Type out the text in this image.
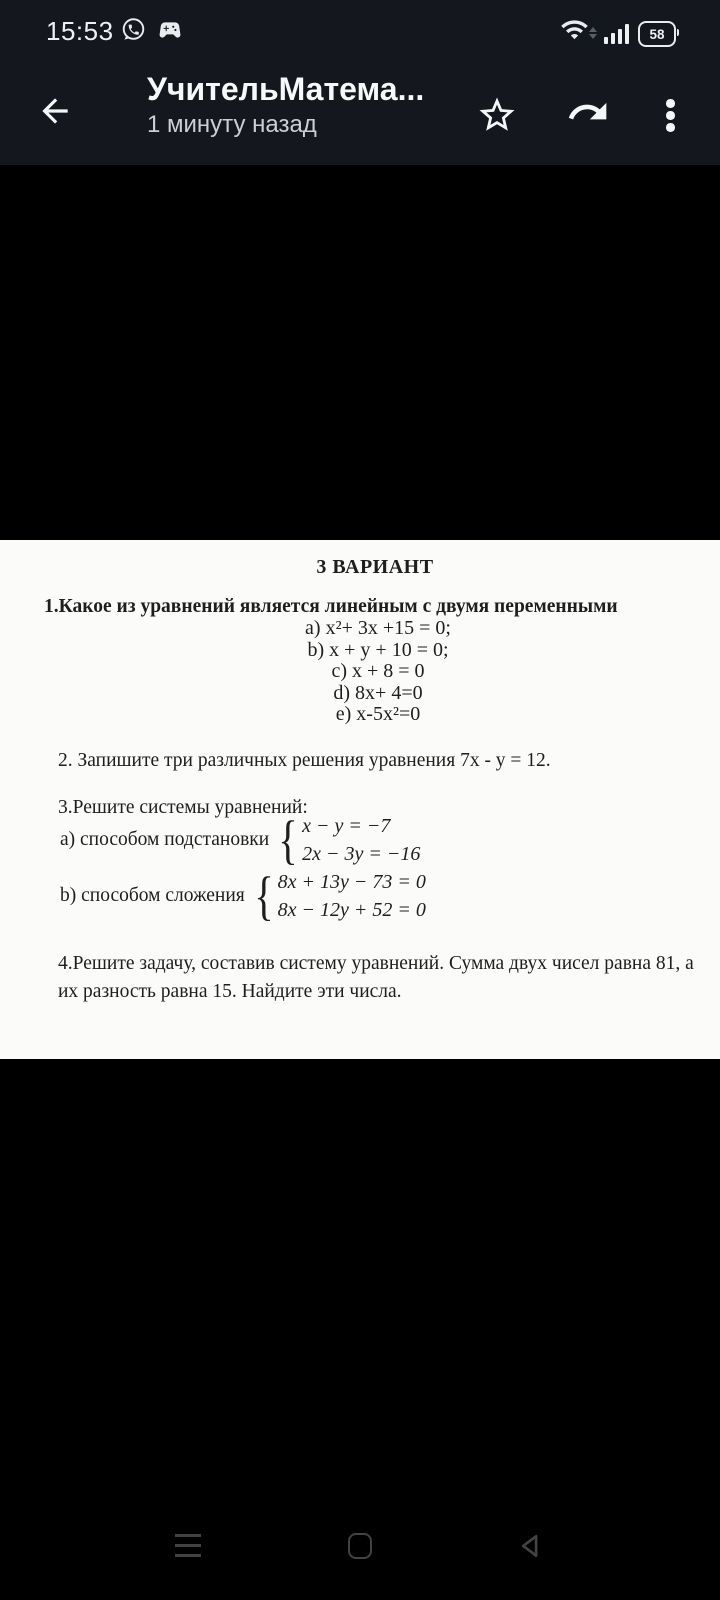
15:53	58
УчительМатема...
1 минуту назад
3 ВАРИАНТ
1.Какое из уравнений является линейным с двумя переменными
a) x²+ 3x +15 = 0;
b) x + y + 10 = 0;
c) x + 8 = 0
d) 8x+ 4=0
e) x-5x²=0
2. Запишите три различных решения уравнения 7x - y = 12.
3.Решите системы уравнений:
a) способом подстановки { x − y = −7
2x − 3y = −16
b) способом сложения { 8x + 13y − 73 = 0
8x − 12y + 52 = 0
4.Решите задачу, составив систему уравнений. Сумма двух чисел равна 81, а их разность равна 15. Найдите эти числа.
